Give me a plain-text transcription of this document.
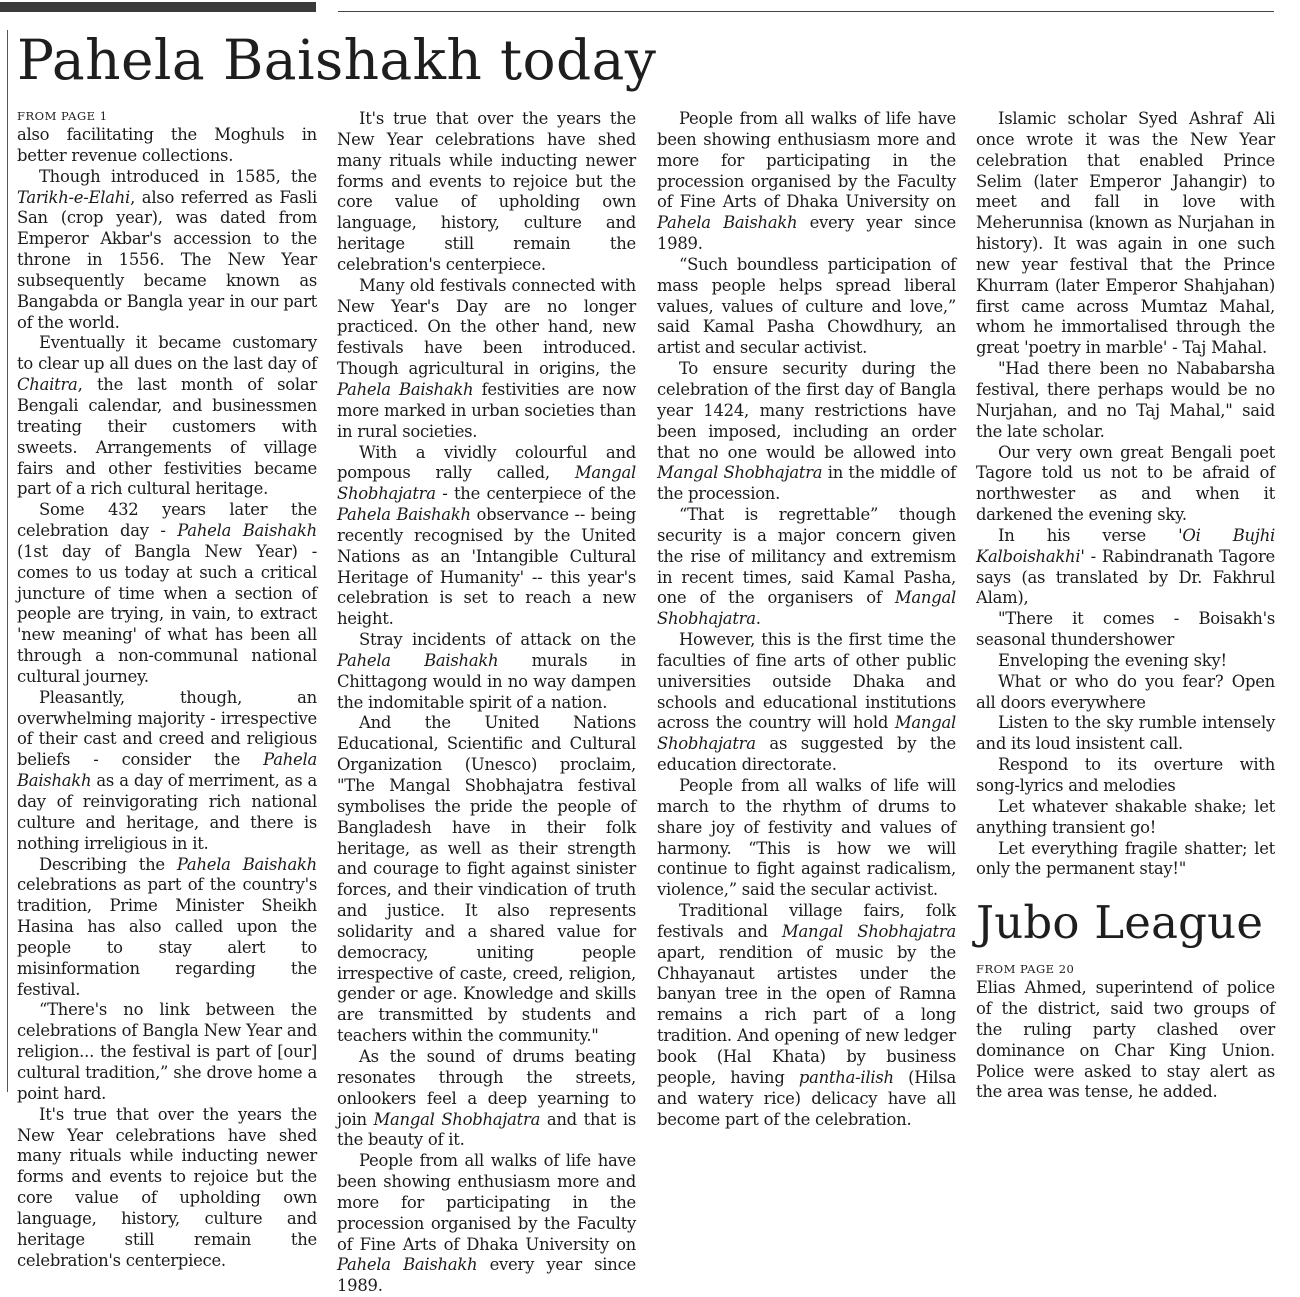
Pahela Baishakh today
FROM PAGE 1

also facilitating the Moghuls in better revenue collections.

Though introduced in 1585, the Tarikh-e-Elahi, also referred as Fasli San (crop year), was dated from Emperor Akbar's accession to the throne in 1556. The New Year subsequently became known as Bangabda or Bangla year in our part of the world.

Eventually it became customary to clear up all dues on the last day of Chaitra, the last month of solar Bengali calendar, and businessmen treating their customers with sweets. Arrangements of village fairs and other festivities became part of a rich cultural heritage.

Some 432 years later the celebration day - Pahela Baishakh (1st day of Bangla New Year) - comes to us today at such a critical juncture of time when a section of people are trying, in vain, to extract 'new meaning' of what has been all through a non-communal national cultural journey.

Pleasantly, though, an overwhelming majority - irrespective of their cast and creed and religious beliefs - consider the Pahela Baishakh as a day of merriment, as a day of reinvigorating rich national culture and heritage, and there is nothing irreligious in it.

Describing the Pahela Baishakh celebrations as part of the country's tradition, Prime Minister Sheikh Hasina has also called upon the people to stay alert to misinformation regarding the festival.

“There's no link between the celebrations of Bangla New Year and religion... the festival is part of [our] cultural tradition,” she drove home a point hard.

It's true that over the years the New Year celebrations have shed many rituals while inducting newer forms and events to rejoice but the core value of upholding own language, history, culture and heritage still remain the celebration's centerpiece.

It's true that over the years the New Year celebrations have shed many rituals while inducting newer forms and events to rejoice but the core value of upholding own language, history, culture and heritage still remain the celebration's centerpiece.

Many old festivals connected with New Year's Day are no longer practiced. On the other hand, new festivals have been introduced. Though agricultural in origins, the Pahela Baishakh festivities are now more marked in urban societies than in rural societies.

With a vividly colourful and pompous rally called, Mangal Shobhajatra - the centerpiece of the Pahela Baishakh observance -- being recently recognised by the United Nations as an 'Intangible Cultural Heritage of Humanity' -- this year's celebration is set to reach a new height.

Stray incidents of attack on the Pahela Baishakh murals in Chittagong would in no way dampen the indomitable spirit of a nation.

And the United Nations Educational, Scientific and Cultural Organization (Unesco) proclaim, "The Mangal Shobhajatra festival symbolises the pride the people of Bangladesh have in their folk heritage, as well as their strength and courage to fight against sinister forces, and their vindication of truth and justice. It also represents solidarity and a shared value for democracy, uniting people irrespective of caste, creed, religion, gender or age. Knowledge and skills are transmitted by students and teachers within the community."

As the sound of drums beating resonates through the streets, onlookers feel a deep yearning to join Mangal Shobhajatra and that is the beauty of it.

People from all walks of life have been showing enthusiasm more and more for participating in the procession organised by the Faculty of Fine Arts of Dhaka University on Pahela Baishakh every year since 1989.

People from all walks of life have been showing enthusiasm more and more for participating in the procession organised by the Faculty of Fine Arts of Dhaka University on Pahela Baishakh every year since 1989.

“Such boundless participation of mass people helps spread liberal values, values of culture and love,” said Kamal Pasha Chowdhury, an artist and secular activist.

To ensure security during the celebration of the first day of Bangla year 1424, many restrictions have been imposed, including an order that no one would be allowed into Mangal Shobhajatra in the middle of the procession.

“That is regrettable” though security is a major concern given the rise of militancy and extremism in recent times, said Kamal Pasha, one of the organisers of Mangal Shobhajatra.

However, this is the first time the faculties of fine arts of other public universities outside Dhaka and schools and educational institutions across the country will hold Mangal Shobhajatra as suggested by the education directorate.

People from all walks of life will march to the rhythm of drums to share joy of festivity and values of harmony. “This is how we will continue to fight against radicalism, violence,” said the secular activist.

Traditional village fairs, folk festivals and Mangal Shobhajatra apart, rendition of music by the Chhayanaut artistes under the banyan tree in the open of Ramna remains a rich part of a long tradition. And opening of new ledger book (Hal Khata) by business people, having pantha-ilish (Hilsa and watery rice) delicacy have all become part of the celebration.

Islamic scholar Syed Ashraf Ali once wrote it was the New Year celebration that enabled Prince Selim (later Emperor Jahangir) to meet and fall in love with Meherunnisa (known as Nurjahan in history). It was again in one such new year festival that the Prince Khurram (later Emperor Shahjahan) first came across Mumtaz Mahal, whom he immortalised through the great 'poetry in marble' - Taj Mahal.

"Had there been no Nababarsha festival, there perhaps would be no Nurjahan, and no Taj Mahal," said the late scholar.

Our very own great Bengali poet Tagore told us not to be afraid of northwester as and when it darkened the evening sky.

In his verse 'Oi Bujhi Kalboishakhi' - Rabindranath Tagore says (as translated by Dr. Fakhrul Alam),

"There it comes - Boisakh's seasonal thundershower

Enveloping the evening sky!

What or who do you fear? Open all doors everywhere

Listen to the sky rumble intensely and its loud insistent call.

Respond to its overture with song-lyrics and melodies

Let whatever shakable shake; let anything transient go!

Let everything fragile shatter; let only the permanent stay!"

Jubo League
FROM PAGE 20

Elias Ahmed, superintend of police of the district, said two groups of the ruling party clashed over dominance on Char King Union. Police were asked to stay alert as the area was tense, he added.
